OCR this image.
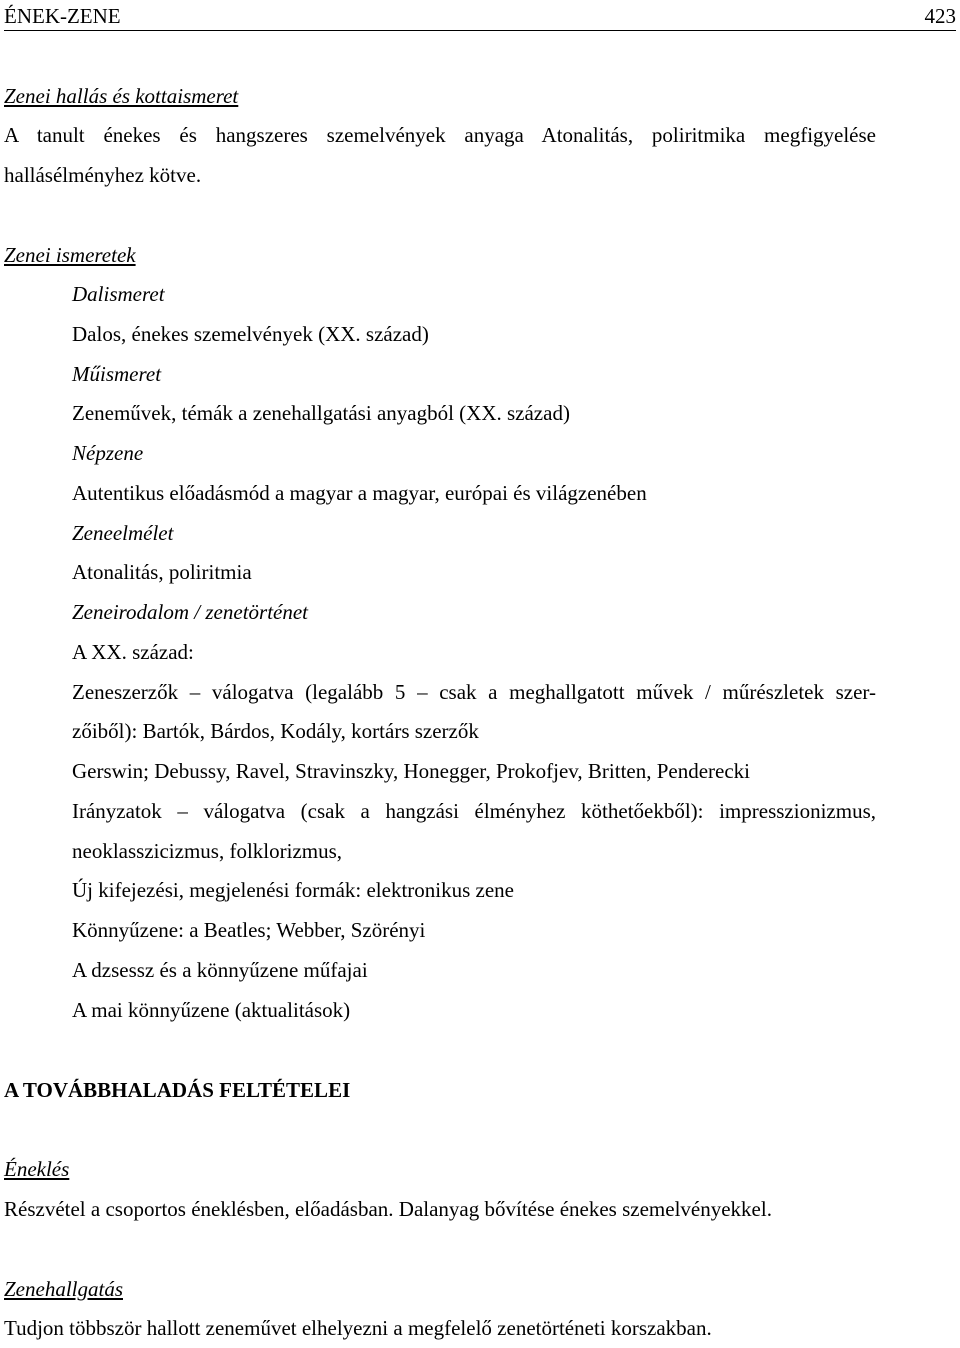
ÉNEK-ZENE	423
Zenei hallás és kottaismeret
A tanult énekes és hangszeres szemelvények anyaga Atonalitás, poliritmika megfigyelése
hallásélményhez kötve.
Zenei ismeretek
Dalismeret
Dalos, énekes szemelvények (XX. század)
Műismeret
Zeneművek, témák a zenehallgatási anyagból (XX. század)
Népzene
Autentikus előadásmód a magyar a magyar, európai és világzenében
Zeneelmélet
Atonalitás, poliritmia
Zeneirodalom / zenetörténet
A XX. század:
Zeneszerzők – válogatva (legalább 5 – csak a meghallgatott művek / műrészletek szer-
zőiből): Bartók, Bárdos, Kodály, kortárs szerzők
Gerswin; Debussy, Ravel, Stravinszky, Honegger, Prokofjev, Britten, Penderecki
Irányzatok – válogatva (csak a hangzási élményhez köthetőekből): impresszionizmus,
neoklasszicizmus, folklorizmus,
Új kifejezési, megjelenési formák: elektronikus zene
Könnyűzene: a Beatles; Webber, Szörényi
A dzsessz és a könnyűzene műfajai
A mai könnyűzene (aktualitások)
A TOVÁBBHALADÁS FELTÉTELEI
Éneklés
Részvétel a csoportos éneklésben, előadásban. Dalanyag bővítése énekes szemelvényekkel.
Zenehallgatás
Tudjon többször hallott zeneművet elhelyezni a megfelelő zenetörténeti korszakban.
